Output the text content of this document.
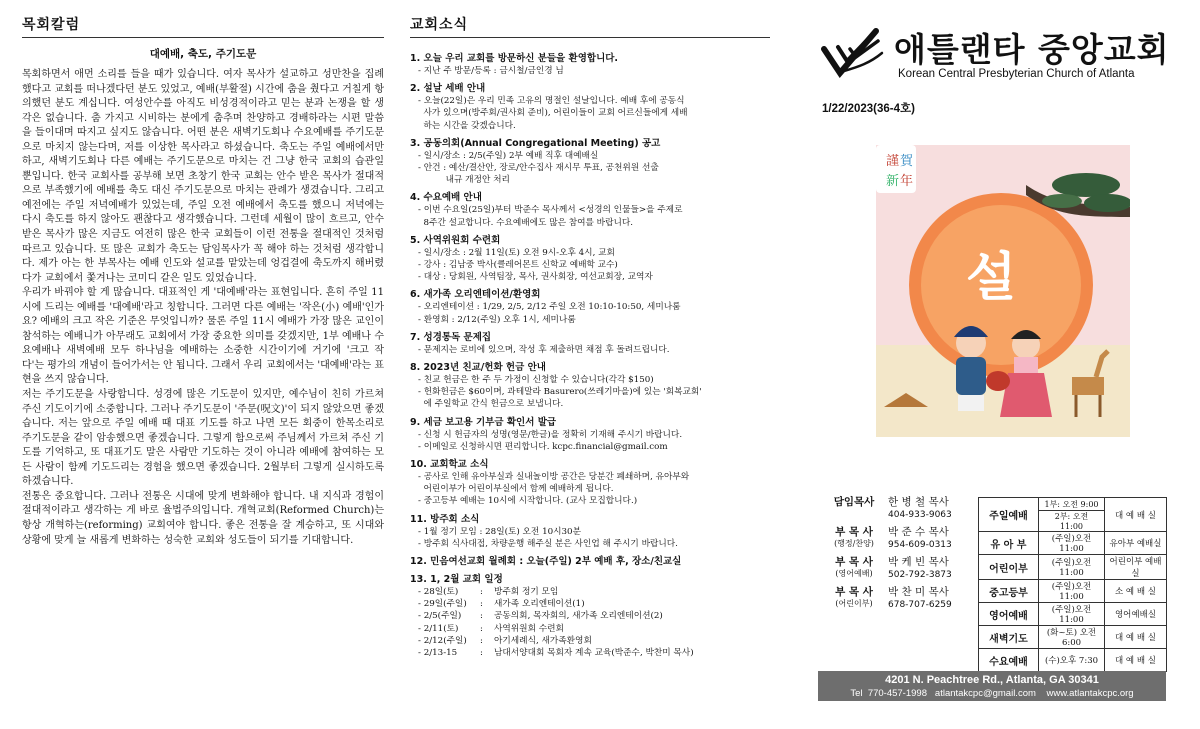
목회칼럼
대예배, 축도, 주기도문

목회하면서 애먼 소리를 들을 때가 있습니다. 여자 목사가 설교하고 성만찬을 집례했다고 교회를 떠나겠다던 분도 있었고, 예배(부활절) 시간에 춤을 췄다고 거칠게 항의했던 분도 계십니다. 여성안수를 아직도 비성경적이라고 믿는 분과 논쟁을 할 생각은 없습니다. 춤 가지고 시비하는 분에게 춤추며 찬양하고 경배하라는 시편 말씀을 들이대며 따지고 싶지도 않습니다. 어떤 분은 새벽기도회나 수요예배를 주기도문으로 마치지 않는다며, 저를 이상한 목사라고 하셨습니다. 축도는 주일 예배에서만 하고, 새벽기도회나 다른 예배는 주기도문으로 마치는 건 그냥 한국 교회의 습관일 뿐입니다. 한국 교회사를 공부해 보면 초창기 한국 교회는 안수 받은 목사가 절대적으로 부족했기에 예배를 축도 대신 주기도문으로 마치는 관례가 생겼습니다. 그리고 예전에는 주일 저녁예배가 있었는데, 주일 오전 예배에서 축도를 했으니 저녁에는 다시 축도를 하지 않아도 괜찮다고 생각했습니다. 그런데 세월이 많이 흐르고, 안수 받은 목사가 많은 지금도 여전히 많은 한국 교회들이 이런 전통을 절대적인 것처럼 따르고 있습니다. 또 많은 교회가 축도는 담임목사가 꼭 해야 하는 것처럼 생각합니다. 제가 아는 한 부목사는 예배 인도와 설교를 맡았는데 엉겁결에 축도까지 해버렸다가 교회에서 쫓겨나는 코미디 같은 일도 있었습니다.

우리가 바꿔야 할 게 많습니다. 대표적인 게 '대예배'라는 표현입니다. 흔히 주일 11시에 드리는 예배를 '대예배'라고 칭합니다. 그러면 다른 예배는 '작은(小) 예배'인가요? 예배의 크고 작은 기준은 무엇입니까? 물론 주일 11시 예배가 가장 많은 교인이 참석하는 예배니가 아무래도 교회에서 가장 중요한 의미를 갖겠지만, 1부 예배나 수요예배나 새벽예배 모두 하나님을 예배하는 소중한 시간이기에 거기에 '크고 작다'는 평가의 개념이 들어가서는 안 됩니다. 그래서 우리 교회에서는 '대예배'라는 표현을 쓰지 않습니다.

저는 주기도문을 사랑합니다. 성경에 많은 기도문이 있지만, 예수님이 친히 가르쳐주신 기도이기에 소중합니다. 그러나 주기도문이 '주문(呪文)'이 되지 않았으면 좋겠습니다. 저는 앞으로 주일 예배 때 대표 기도를 하고 나면 모든 회중이 한목소리로 주기도문을 같이 암송했으면 좋겠습니다. 그렇게 함으로써 주님께서 가르쳐 주신 기도를 기억하고, 또 대표기도 말은 사람만 기도하는 것이 아니라 예배에 참여하는 모든 사람이 함께 기도드리는 경험을 했으면 좋겠습니다. 2월부터 그렇게 실시하도록 하겠습니다.

전통은 중요합니다. 그러나 전통은 시대에 맞게 변화해야 합니다. 내 지식과 경험이 절대적이라고 생각하는 게 바로 율법주의입니다. 개혁교회(Reformed Church)는 항상 개혁하는(reforming) 교회여야 합니다. 좋은 전통을 잘 계승하고, 또 시대와 상황에 맞게 늘 새롭게 변화하는 성숙한 교회와 성도들이 되기를 기대합니다.

교회소식
1. 오늘 우리 교회를 방문하신 분들을 환영합니다.
- 지난 주 방문/등록 : 금시철/금인경 님
2. 설날 세배 안내
- 오늘(22일)은 우리 민족 고유의 명절인 설날입니다. 예배 후에 공동식
사가 있으며(방주회/권사회 준비), 어린이들이 교회 어르신들에게 세배
하는 시간을 갖겠습니다.
3. 공동의회(Annual Congregational Meeting) 공고
- 일시/장소 : 2/5(주일) 2부 예배 직후 대예배실
- 안건 : 예산/결산안, 장로/안수집사 재시무 투표, 공천위원 선출
내규 개정안 처리
4. 수요예배 안내
- 이번 수요일(25일)부터 박준수 목사께서 <성경의 인물들>을 주제로
8주간 설교합니다. 수요예배에도 많은 참여를 바랍니다.
5. 사역위원회 수련회
- 일시/장소 : 2월 11일(토) 오전 9시-오후 4시, 교회
- 강사 : 김남중 박사(클레어몬트 신학교 예배학 교수)
- 대상 : 당회원, 사역팀장, 목사, 권사회장, 여선교회장, 교역자
6. 새가족 오리엔테이션/환영회
- 오리엔테이션 : 1/29, 2/5, 2/12 주일 오전 10:10-10:50, 세미나룸
- 환영회 : 2/12(주일) 오후 1시, 세미나룸
7. 성경통독 문제집
- 문제지는 로비에 있으며, 작성 후 제출하면 채점 후 돌려드립니다.
8. 2023년 친교/헌화 헌금 안내
- 친교 헌금은 한 주 두 가정이 신청할 수 있습니다(각각 $150)
- 헌화헌금은 $60이며, 과테말라 Basurero(쓰레기마을)에 있는 '회복교회'
에 주일학교 간식 헌금으로 보냅니다.
9. 세금 보고용 기부금 확인서 발급
- 신청 시 헌금자의 성명(영문/한글)을 정확히 기재해 주시기 바랍니다.
- 이메일로 신청하시면 편리합니다. kcpc.financial@gmail.com
10. 교회학교 소식
- 공사로 인해 유아부실과 실내놀이방 공간은 당분간 폐쇄하며, 유아부와
어린이부가 어린이부실에서 함께 예배하게 됩니다.
- 중고등부 예배는 10시에 시작합니다. (교사 모집합니다.)
11. 방주회 소식
- 1월 정기 모임 : 28일(토) 오전 10시30분
- 방주회 식사대접, 차량운행 해주실 분은 사인업 해 주시기 바랍니다.
12. 민음여선교회 월례회 : 오늘(주일) 2부 예배 후, 장소/친교실
13. 1, 2월 교회 일정
- 28일(토)	:	방주회 정기 모임
- 29일(주일)	:	새가족 오리엔테이션(1)
- 2/5(주일)	:	공동의회, 목자회의, 새가족 오리엔테이션(2)
- 2/11(토)	:	사역위원회 수련회
- 2/12(주일)	:	아기세례식, 새가족환영회
- 2/13-15	:	남대서양대회 목회자 계속 교육(박준수, 박찬미 목사)
애틀랜타 중앙교회
Korean Central Presbyterian Church of Atlanta
1/22/2023(36-4호)
謹 賀
新 年
설
담임목사	한 병 철 목사
404-933-9063
부 목 사
(행정/찬양)
박 준 수 목사
954-609-0313
부 목 사
(영어예배)
박 케 빈 목사
502-792-3873
부 목 사
(어린이부)
박 찬 미 목사
678-707-6259
주일예배	1부: 오전 9:00	대 예 배 실
	2부: 오전 11:00	
유 아 부	(주일)오전 11:00	유아부 예배실
어린이부	(주일)오전 11:00	어린이부 예배실
중고등부	(주일)오전 11:00	소 예 배 실
영어예배	(주일)오전 11:00	영어예배실
새벽기도	(화~토) 오전 6:00	대 예 배 실
수요예배	(수)오후 7:30	대 예 배 실
4201 N. Peachtree Rd., Atlanta, GA 30341
Tel  770-457-1998 atlantakcpc@gmail.com www.atlantakcpc.org
